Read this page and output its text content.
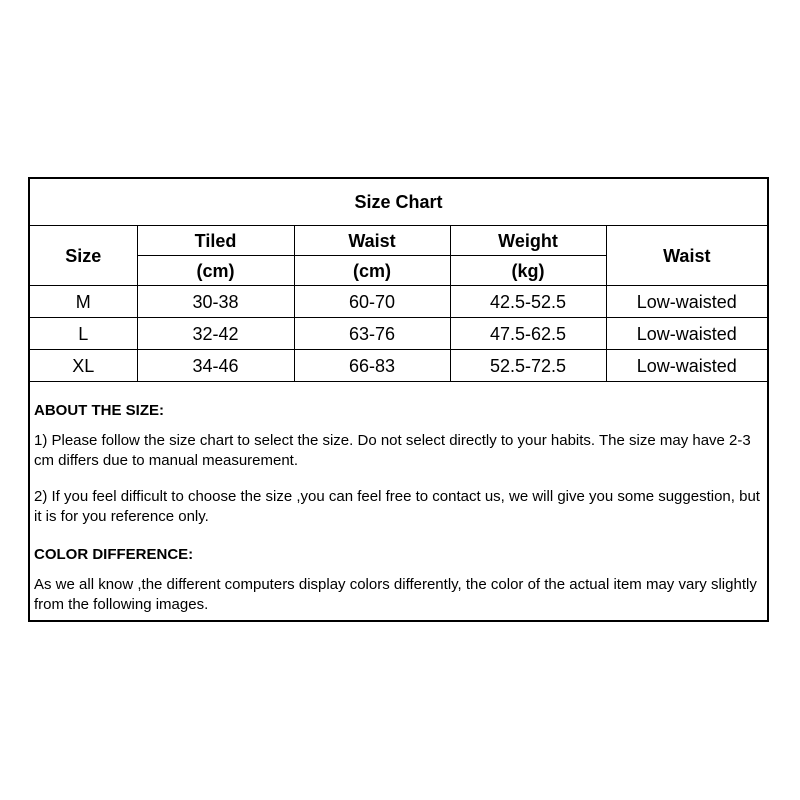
Size Chart				
Size	Tiled	Waist	Weight	Waist
	(cm)	(cm)	(kg)	
M	30-38	60-70	42.5-52.5	Low-waisted
L	32-42	63-76	47.5-62.5	Low-waisted
XL	34-46	66-83	52.5-72.5	Low-waisted

ABOUT THE SIZE:

1) Please follow the size chart to select the size. Do not select directly to your habits. The size may have 2-3 cm differs due to manual measurement.

2) If you feel difficult to choose the size ,you can feel free to contact us, we will give you some suggestion, but it is for you reference only.

COLOR DIFFERENCE:

As we all know ,the different computers display colors differently, the color of the actual item may vary slightly from the following images.
